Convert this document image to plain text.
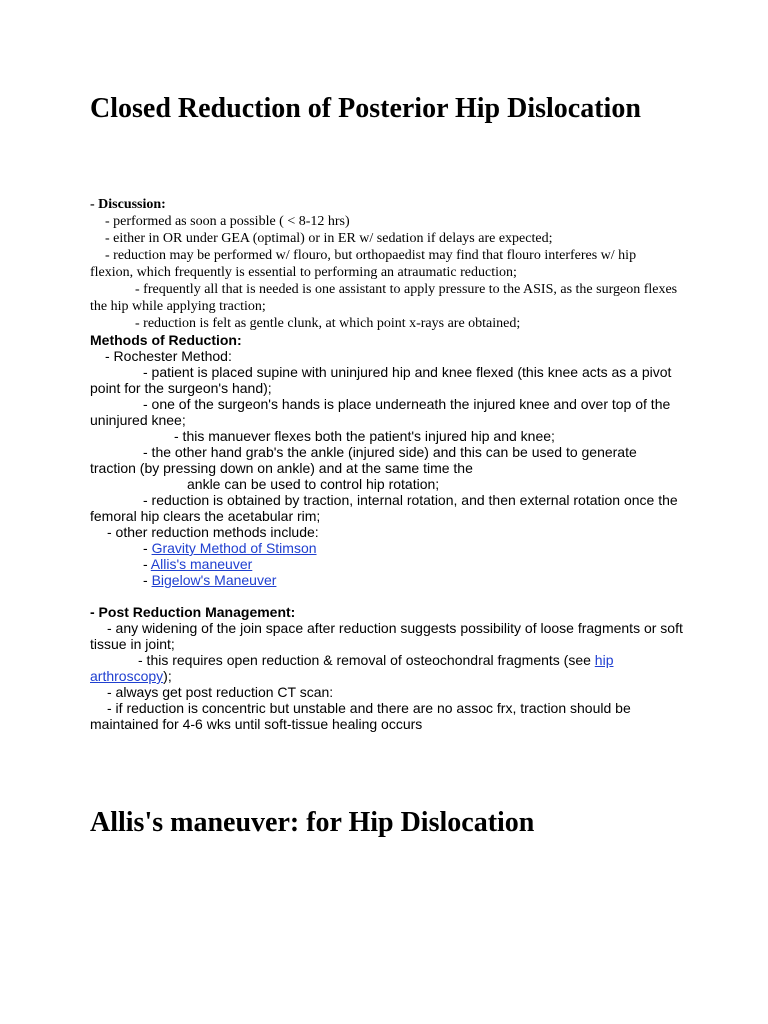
Closed Reduction of Posterior Hip Dislocation

- Discussion:

- performed as soon a possible ( < 8-12 hrs)

- either in OR under GEA (optimal) or in ER w/ sedation if delays are expected;

- reduction may be performed w/ flouro, but orthopaedist may find that flouro interferes w/ hip flexion, which frequently is essential to performing an atraumatic reduction;

- frequently all that is needed is one assistant to apply pressure to the ASIS, as the surgeon flexes the hip while applying traction;

- reduction is felt as gentle clunk, at which point x-rays are obtained;

Methods of Reduction:

- Rochester Method:

- patient is placed supine with uninjured hip and knee flexed (this knee acts as a pivot point for the surgeon's hand);

- one of the surgeon's hands is place underneath the injured knee and over top of the uninjured knee;

- this manuever flexes both the patient's injured hip and knee;

- the other hand grab's the ankle (injured side) and this can be used to generate traction (by pressing down on ankle) and at the same time the

ankle can be used to control hip rotation;

- reduction is obtained by traction, internal rotation, and then external rotation once the femoral hip clears the acetabular rim;

- other reduction methods include:

- Gravity Method of Stimson

- Allis's maneuver

- Bigelow's Maneuver

- Post Reduction Management:

- any widening of the join space after reduction suggests possibility of loose fragments or soft tissue in joint;

- this requires open reduction & removal of osteochondral fragments (see hip arthroscopy);

- always get post reduction CT scan:

- if reduction is concentric but unstable and there are no assoc frx, traction should be maintained for 4-6 wks until soft-tissue healing occurs

Allis's maneuver: for Hip Dislocation
